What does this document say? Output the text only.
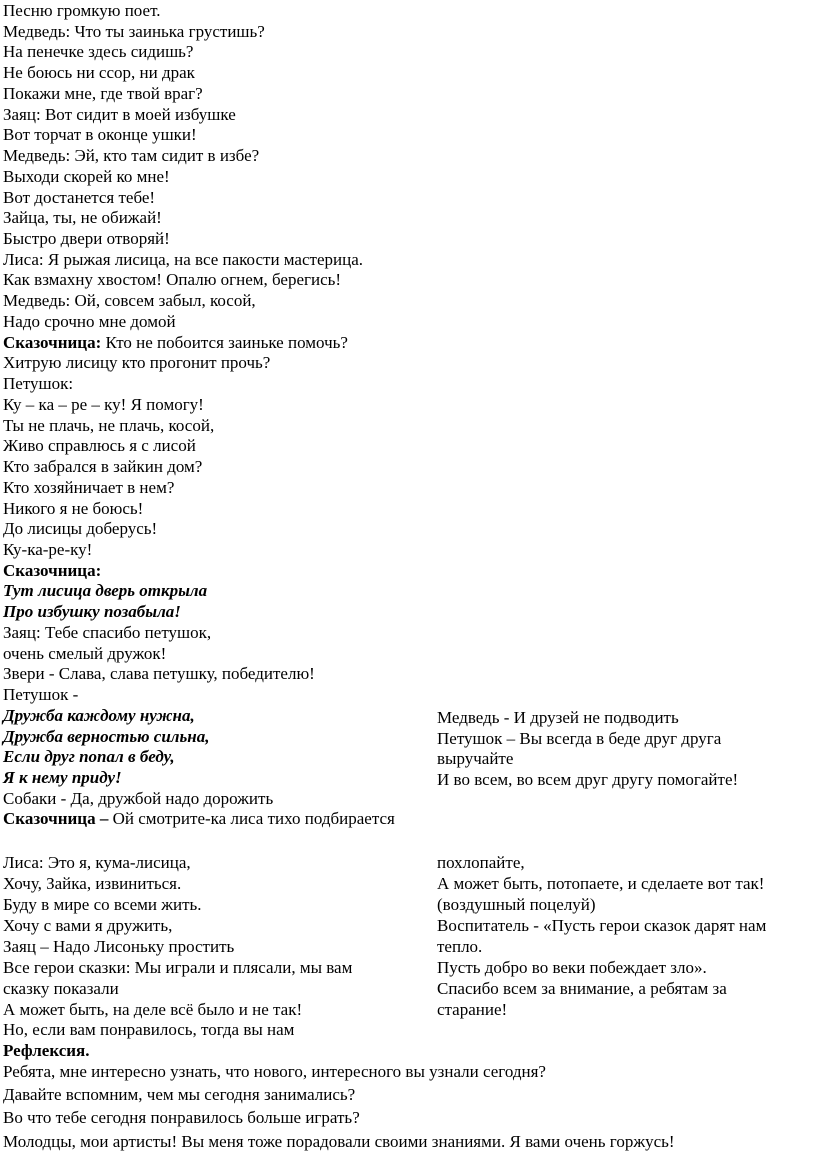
Песню громкую поет.
Медведь: Что ты заинька грустишь?
На пенечке здесь сидишь?
Не боюсь ни ссор, ни драк
Покажи мне, где твой враг?
Заяц: Вот сидит в моей избушке
Вот торчат в оконце ушки!
Медведь: Эй, кто там сидит в избе?
Выходи скорей ко мне!
Вот достанется тебе!
Зайца, ты, не обижай!
Быстро двери отворяй!
Лиса: Я рыжая лисица, на все пакости мастерица.
Как взмахну хвостом! Опалю огнем, берегись!
Медведь: Ой, совсем забыл, косой,
Надо срочно мне домой
Сказочница: Кто не побоится заиньке помочь?
Хитрую лисицу кто прогонит прочь?
Петушок:
Ку – ка – ре – ку! Я помогу!
Ты не плачь, не плачь, косой,
Живо справлюсь я с лисой
Кто забрался в зайкин дом?
Кто хозяйничает в нем?
Никого я не боюсь!
До лисицы доберусь!
Ку-ка-ре-ку!
Сказочница:
Тут лисица дверь открыла
Про избушку позабыла!
Заяц: Тебе спасибо петушок,
очень смелый дружок!
Звери - Слава, слава петушку, победителю!
Петушок -
Дружба каждому нужна,
Дружба верностью сильна,
Если друг попал в беду,
Я к нему приду!
Собаки - Да, дружбой надо дорожить
Сказочница – Ой смотрите-ка лиса тихо подбирается
Медведь - И друзей не подводить
Петушок – Вы всегда в беде друг друга
выручайте
И во всем, во всем друг другу помогайте!
Лиса: Это я, кума-лисица,
Хочу, Зайка, извиниться.
Буду в мире со всеми жить.
Хочу с вами я дружить,
Заяц – Надо Лисоньку простить
Все герои сказки: Мы играли и плясали, мы вам
сказку показали
А может быть, на деле всё было и не так!
Но, если вам понравилось, тогда вы нам
похлопайте,
А может быть, потопаете, и сделаете вот так!
(воздушный поцелуй)
Воспитатель - «Пусть герои сказок дарят нам
тепло.
Пусть добро во веки побеждает зло».
Спасибо всем за внимание, а ребятам за
старание!
Рефлексия.
Ребята, мне интересно узнать, что нового, интересного вы узнали сегодня?
Давайте вспомним, чем мы сегодня занимались?
Во что тебе сегодня понравилось больше играть?
Молодцы, мои артисты! Вы меня тоже порадовали своими знаниями. Я вами очень горжусь!
